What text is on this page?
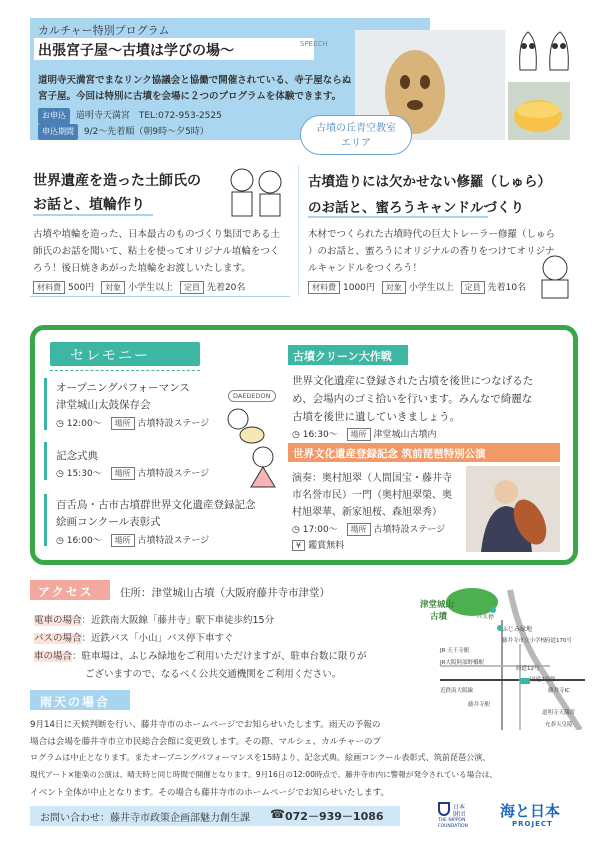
カルチャー特別プログラム
出張宮子屋〜古墳は学びの場〜	SPEECH
道明寺天満宮でまなリンク協議会と協働で開催されている、寺子屋ならぬ
宮子屋。今回は特別に古墳を会場に２つのプログラムを体験できます。
お申込 道明寺天満宮　TEL:072-953-2525
申込期間 9/2〜先着順（朝9時〜夕5時）	古墳の丘青空教室
エリア
世界遺産を造った土師氏の
お話と、埴輪作り
古墳や埴輪を造った、日本最古のものづくり集団である土
師氏のお話を聞いて、粘土を使ってオリジナル埴輪をつく
ろう！後日焼きあがった埴輪をお渡しいたします。
材料費 500円 対象 小学生以上 定員 先着20名
古墳造りには欠かせない修羅（しゅら）
のお話と、蜜ろうキャンドルづくり
木材でつくられた古墳時代の巨大トレーラー修羅（しゅら
）のお話と、蜜ろうにオリジナルの香りをつけてオリジナ
ルキャンドルをつくろう！
材料費 1000円 対象 小学生以上 定員 先着10名
セレモニー
DAEDEDON
オープニングパフォーマンス
津堂城山太鼓保存会
◷ 12:00〜 場所 古墳特設ステージ
記念式典
◷ 15:30〜 場所 古墳特設ステージ
百舌鳥・古市古墳群世界文化遺産登録記念
絵画コンクール表彰式
◷ 16:00〜 場所 古墳特設ステージ
古墳クリーン大作戦
世界文化遺産に登録された古墳を後世につなげるた
め、会場内のゴミ拾いを行います。みんなで綺麗な
古墳を後世に遺していきましょう。
◷ 16:30〜 場所 津堂城山古墳内
世界文化遺産登録記念 筑前琵琶特別公演
演奏：奥村旭翠（人間国宝・藤井寺
市名誉市民）一門（奥村旭翠榮、奥
村旭翠華、新家旭桜、森旭翠秀）
◷ 17:00〜 場所 古墳特設ステージ
¥ 鑑賞無料
アクセス	住所：津堂城山古墳（大阪府藤井寺市津堂）
電車の場合：近鉄南大阪線「藤井寺」駅下車徒歩約15分
バスの場合：近鉄バス「小山」バス停下車すぐ
車の場合：駐車場は、ふじみ緑地をご利用いただけますが、駐車台数に限りが
ございますので、なるべく公共交通機関をご利用ください。
津堂城山
古墳	バス停
ふじみ緑地
藤井寺市立小学校
JR 天王寺駅
JR大阪阿部野橋駅
府道170号
府道12号
国道2号線
藤井寺IC
近鉄南大阪線
藤井寺駅
道明寺天満宮
允恭天皇陵
雨天の場合
9月14日に天候判断を行い、藤井寺市のホームページでお知らせいたします。雨天の予報の
場合は会場を藤井寺市立市民総合会館に変更致します。その際、マルシェ、カルチャーのプ
ログラムは中止となります。またオープニングパフォーマンスを15時より、記念式典、絵画コンクール表彰式、筑前琵琶公演、
現代アート×能楽の公演は、晴天時と同じ時間で開催となります。9月16日の12:00時点で、藤井寺市内に警報が発令されている場合は、
イベント全体が中止となります。その場合も藤井寺市のホームページでお知らせいたします。
お問い合わせ：藤井寺市政策企画部魅力創生課 ☎ 072－939－1086
日本
財団
THE NIPPON
FOUNDATION
海と日本
PROJECT
